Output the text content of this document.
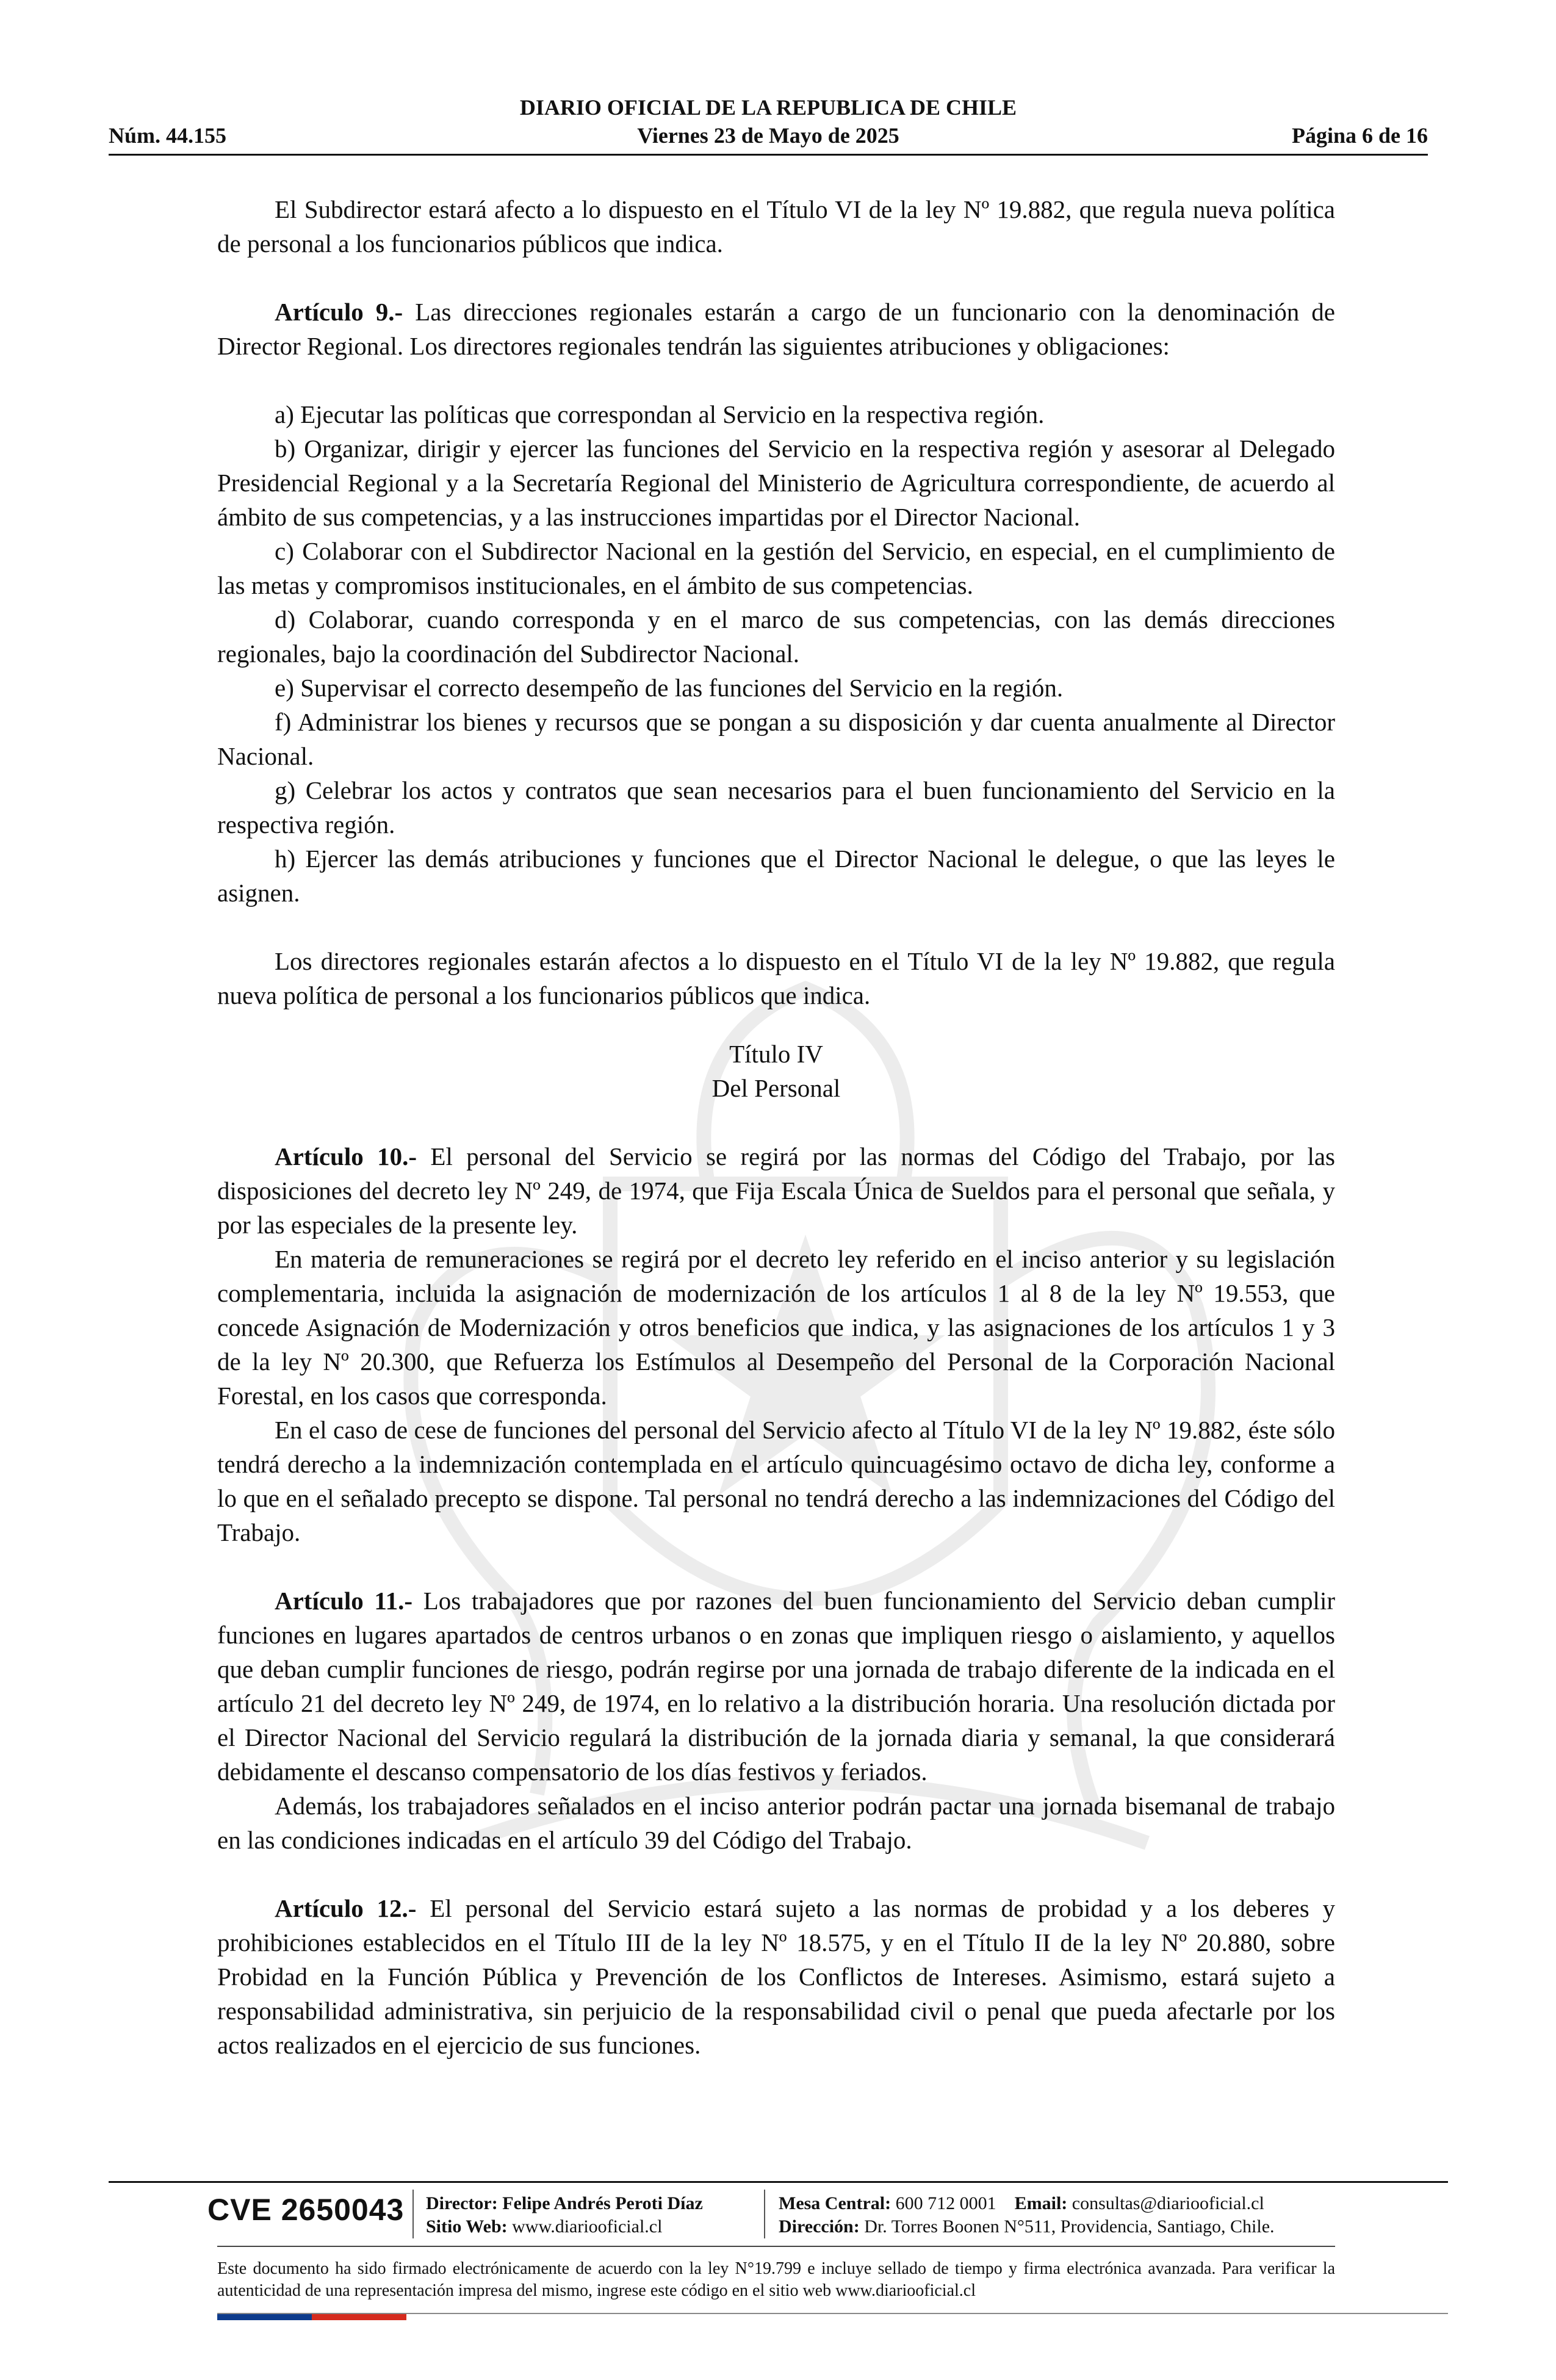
DIARIO OFICIAL DE LA REPUBLICA DE CHILE
Núm. 44.155	Viernes 23 de Mayo de 2025	Página 6 de 16

El Subdirector estará afecto a lo dispuesto en el Título VI de la ley Nº 19.882, que regula nueva política de personal a los funcionarios públicos que indica.

Artículo 9.- Las direcciones regionales estarán a cargo de un funcionario con la denominación de Director Regional. Los directores regionales tendrán las siguientes atribuciones y obligaciones:

a) Ejecutar las políticas que correspondan al Servicio en la respectiva región.

b) Organizar, dirigir y ejercer las funciones del Servicio en la respectiva región y asesorar al Delegado Presidencial Regional y a la Secretaría Regional del Ministerio de Agricultura correspondiente, de acuerdo al ámbito de sus competencias, y a las instrucciones impartidas por el Director Nacional.

c) Colaborar con el Subdirector Nacional en la gestión del Servicio, en especial, en el cumplimiento de las metas y compromisos institucionales, en el ámbito de sus competencias.

d) Colaborar, cuando corresponda y en el marco de sus competencias, con las demás direcciones regionales, bajo la coordinación del Subdirector Nacional.

e) Supervisar el correcto desempeño de las funciones del Servicio en la región.

f) Administrar los bienes y recursos que se pongan a su disposición y dar cuenta anualmente al Director Nacional.

g) Celebrar los actos y contratos que sean necesarios para el buen funcionamiento del Servicio en la respectiva región.

h) Ejercer las demás atribuciones y funciones que el Director Nacional le delegue, o que las leyes le asignen.

Los directores regionales estarán afectos a lo dispuesto en el Título VI de la ley Nº 19.882, que regula nueva política de personal a los funcionarios públicos que indica.

Título IV

Del Personal

Artículo 10.- El personal del Servicio se regirá por las normas del Código del Trabajo, por las disposiciones del decreto ley Nº 249, de 1974, que Fija Escala Única de Sueldos para el personal que señala, y por las especiales de la presente ley.

En materia de remuneraciones se regirá por el decreto ley referido en el inciso anterior y su legislación complementaria, incluida la asignación de modernización de los artículos 1 al 8 de la ley Nº 19.553, que concede Asignación de Modernización y otros beneficios que indica, y las asignaciones de los artículos 1 y 3 de la ley Nº 20.300, que Refuerza los Estímulos al Desempeño del Personal de la Corporación Nacional Forestal, en los casos que corresponda.

En el caso de cese de funciones del personal del Servicio afecto al Título VI de la ley Nº 19.882, éste sólo tendrá derecho a la indemnización contemplada en el artículo quincuagésimo octavo de dicha ley, conforme a lo que en el señalado precepto se dispone. Tal personal no tendrá derecho a las indemnizaciones del Código del Trabajo.

Artículo 11.- Los trabajadores que por razones del buen funcionamiento del Servicio deban cumplir funciones en lugares apartados de centros urbanos o en zonas que impliquen riesgo o aislamiento, y aquellos que deban cumplir funciones de riesgo, podrán regirse por una jornada de trabajo diferente de la indicada en el artículo 21 del decreto ley Nº 249, de 1974, en lo relativo a la distribución horaria. Una resolución dictada por el Director Nacional del Servicio regulará la distribución de la jornada diaria y semanal, la que considerará debidamente el descanso compensatorio de los días festivos y feriados.

Además, los trabajadores señalados en el inciso anterior podrán pactar una jornada bisemanal de trabajo en las condiciones indicadas en el artículo 39 del Código del Trabajo.

Artículo 12.- El personal del Servicio estará sujeto a las normas de probidad y a los deberes y prohibiciones establecidos en el Título III de la ley Nº 18.575, y en el Título II de la ley Nº 20.880, sobre Probidad en la Función Pública y Prevención de los Conflictos de Intereses. Asimismo, estará sujeto a responsabilidad administrativa, sin perjuicio de la responsabilidad civil o penal que pueda afectarle por los actos realizados en el ejercicio de sus funciones.

CVE 2650043 Director: Felipe Andrés Peroti Díaz
Sitio Web: www.diariooficial.cl
Mesa Central: 600 712 0001 Email: consultas@diariooficial.cl
Dirección: Dr. Torres Boonen N°511, Providencia, Santiago, Chile.
Este documento ha sido firmado electrónicamente de acuerdo con la ley N°19.799 e incluye sellado de tiempo y firma electrónica avanzada. Para verificar la autenticidad de una representación impresa del mismo, ingrese este código en el sitio web www.diariooficial.cl
